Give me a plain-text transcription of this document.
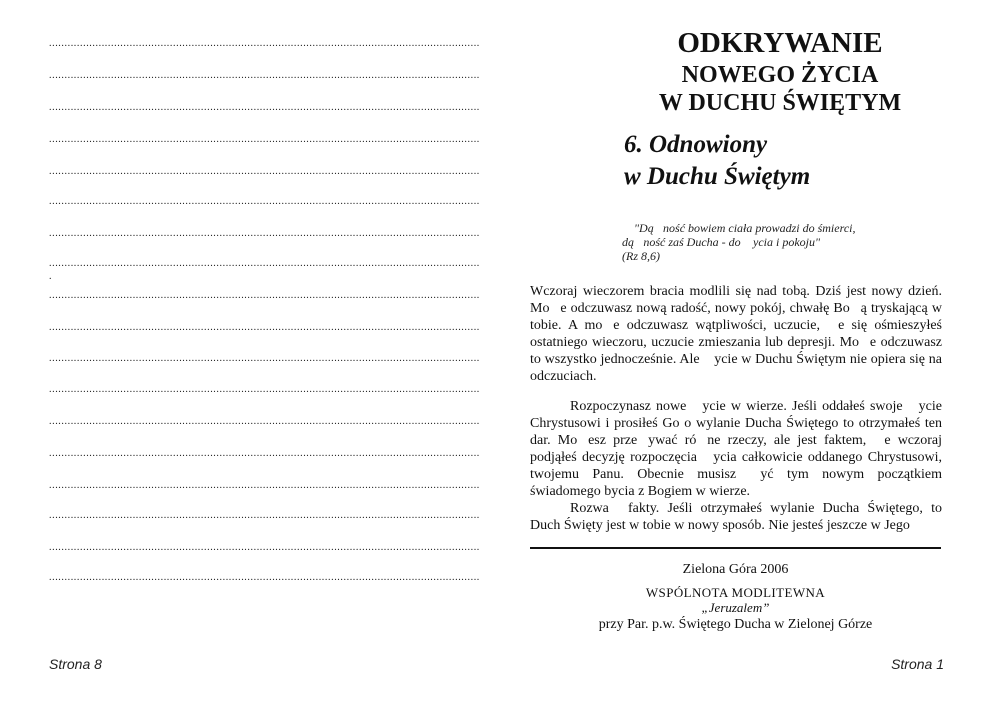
...........................................................................................................................................
...........................................................................................................................................
...........................................................................................................................................
...........................................................................................................................................
...........................................................................................................................................
...........................................................................................................................................
...........................................................................................................................................
...........................................................................................................................................
.
...........................................................................................................................................
...........................................................................................................................................
...........................................................................................................................................
...........................................................................................................................................
...........................................................................................................................................
...........................................................................................................................................
...........................................................................................................................................
...........................................................................................................................................
...........................................................................................................................................
...........................................................................................................................................
Strona 8
ODKRYWANIE
NOWEGO ŻYCIA
W DUCHU ŚWIĘTYM
6. Odnowiony
w Duchu Świętym
"Dą ność bowiem ciała prowadzi do śmierci,
dą ność zaś Ducha - do  ycia i pokoju"
(Rz 8,6)
Wczoraj wieczorem bracia modlili się nad tobą. Dziś jest nowy dzień. Mo e odczuwasz nową radość, nowy pokój, chwałę Bo ą tryskającą w tobie. A mo e odczuwasz wątpliwości, uczucie,  e się ośmieszyłeś ostatniego wieczoru, uczucie zmieszania lub depresji. Mo e odczuwasz to wszystko jednocześnie. Ale  ycie w Duchu Świętym nie opiera się na odczuciach.
Rozpoczynasz nowe  ycie w wierze. Jeśli oddałeś swoje  ycie Chrystusowi i prosiłeś Go o wylanie Ducha Świętego to otrzymałeś ten dar. Mo esz prze ywać ró ne rzeczy, ale jest faktem,  e wczoraj podjąłeś decyzję rozpoczęcia  ycia całkowicie oddanego Chrystusowi, twojemu Panu. Obecnie musisz  yć tym nowym początkiem świadomego bycia z Bogiem w wierze.
Rozwa  fakty. Jeśli otrzymałeś wylanie Ducha Świętego, to Duch Święty jest w tobie w nowy sposób. Nie jesteś jeszcze w Jego
Zielona Góra 2006
WSPÓLNOTA MODLITEWNA
„Jeruzalem”
przy Par. p.w. Świętego Ducha w Zielonej Górze
Strona 1
